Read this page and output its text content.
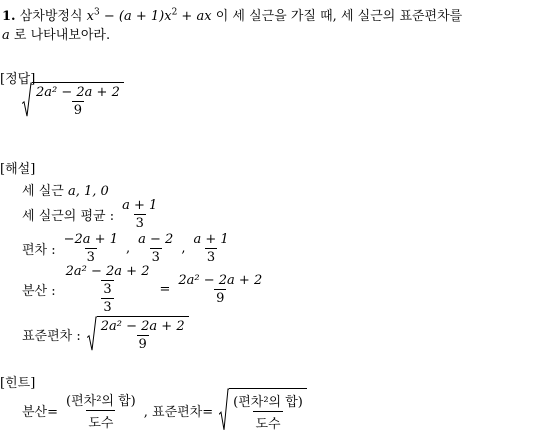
1. 삼차방정식 $x^3 - (a + 1)x^2$ + ax 이 세 실근을 가질 때, 세 실근의 표준편차를
a 로 나타내보아라.
[정답]
$\frac{\text{2a² − 2a + 2}}{9}$
[해설]
세 실근 a, 1, 0
세 실근의 평균 : $\frac{a + 1}{3}$
편차 : $\frac{-2a + 1}{3}$ , $\frac{a - 2}{3}$ , $\frac{a + 1}{3}$
분산 : $\frac{\frac{\text{2a² − 2a + 2}}{3}}{3} = \frac{\text{2a² − 2a + 2}}{9}$
표준편차 : $\frac{\text{2a² − 2a + 2}}{9}$
[힌트]
분산= $\frac{\text{(편차²의 합)}}{\text{도수}}$ , 표준편차= $\frac{\text{(편차²의 합)}}{\text{도수}}$
